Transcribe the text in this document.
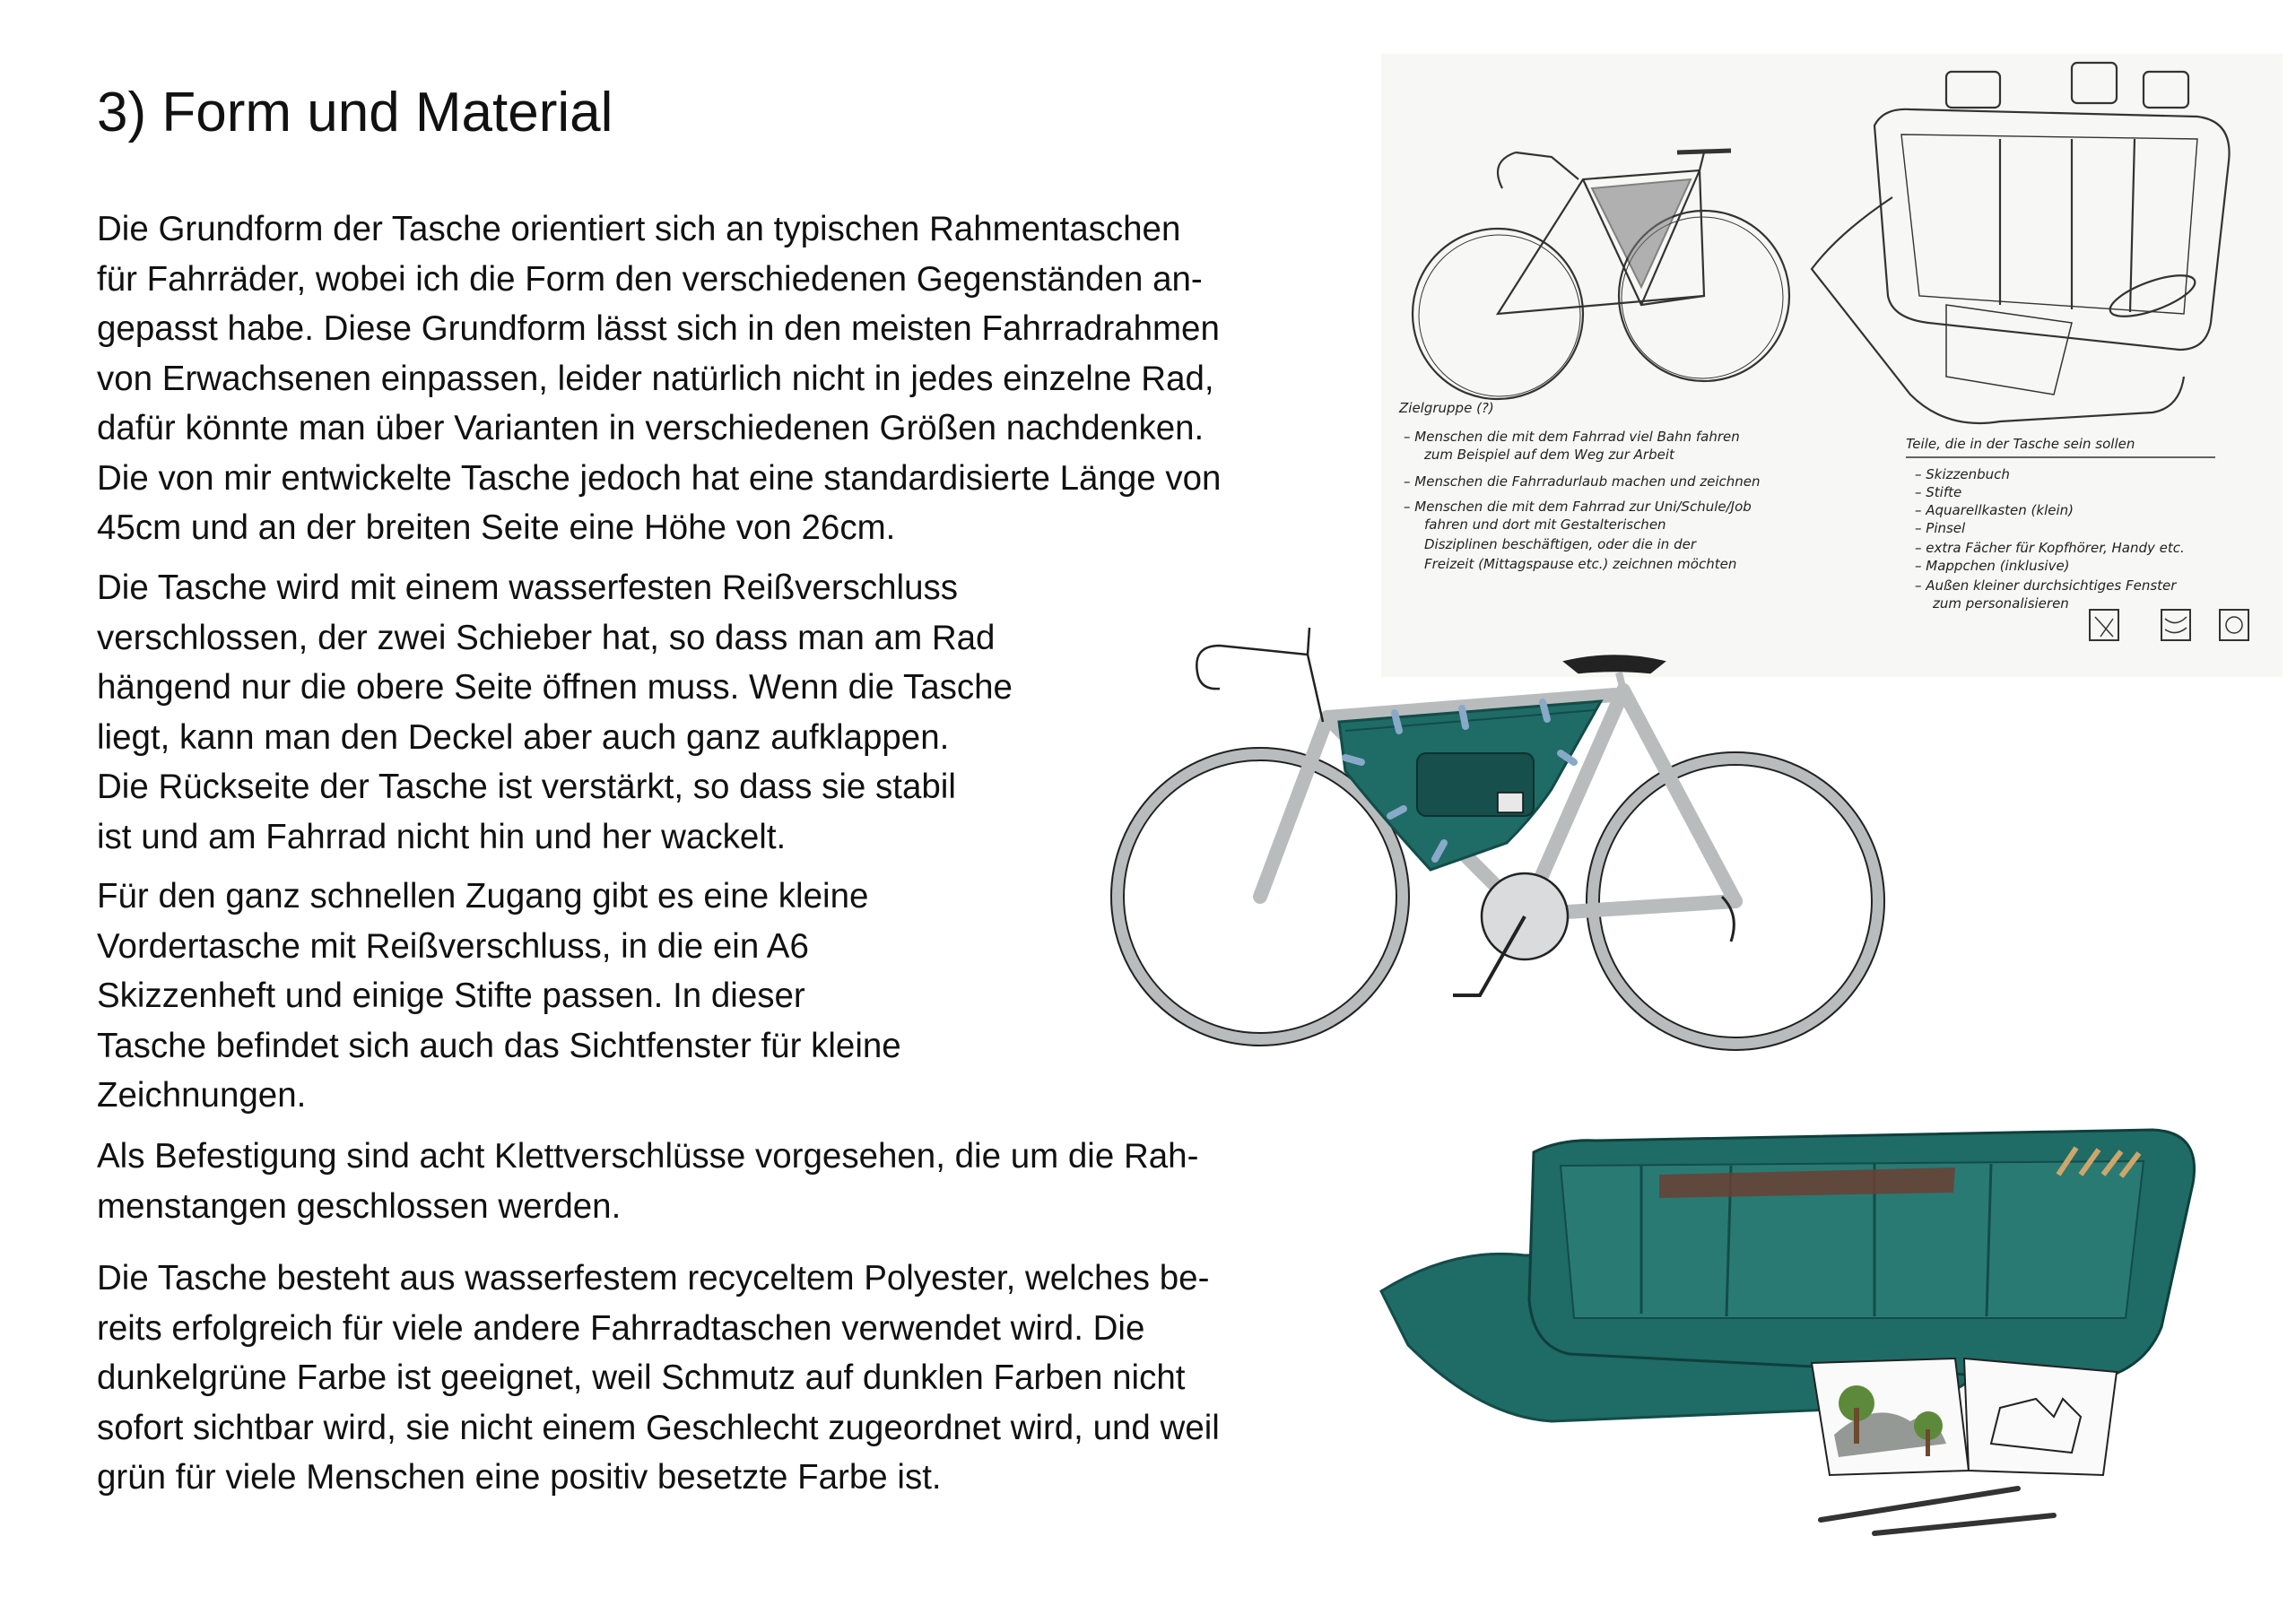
3) Form und Material
Die Grundform der Tasche orientiert sich an typischen Rahmentaschen
für Fahrräder, wobei ich die Form den verschiedenen Gegenständen an-
gepasst habe. Diese Grundform lässt sich in den meisten Fahrradrahmen
von Erwachsenen einpassen, leider natürlich nicht in jedes einzelne Rad,
dafür könnte man über Varianten in verschiedenen Größen nachdenken.
Die von mir entwickelte Tasche jedoch hat eine standardisierte Länge von
45cm und an der breiten Seite eine Höhe von 26cm.
Die Tasche wird mit einem wasserfesten Reißverschluss
verschlossen, der zwei Schieber hat, so dass man am Rad
hängend nur die obere Seite öffnen muss. Wenn die Tasche
liegt, kann man den Deckel aber auch ganz aufklappen.
Die Rückseite der Tasche ist verstärkt, so dass sie stabil
ist und am Fahrrad nicht hin und her wackelt.
Für den ganz schnellen Zugang gibt es eine kleine
Vordertasche mit Reißverschluss, in die ein A6
Skizzenheft und einige Stifte passen. In dieser
Tasche befindet sich auch das Sichtfenster für kleine
Zeichnungen.
Als Befestigung sind acht Klettverschlüsse vorgesehen, die um die Rah-
menstangen geschlossen werden.
Die Tasche besteht aus wasserfestem recyceltem Polyester, welches be-
reits erfolgreich für viele andere Fahrradtaschen verwendet wird. Die
dunkelgrüne Farbe ist geeignet, weil Schmutz auf dunklen Farben nicht
sofort sichtbar wird, sie nicht einem Geschlecht zugeordnet wird, und weil
grün für viele Menschen eine positiv besetzte Farbe ist.
Zielgruppe (?)
– Menschen die mit dem Fahrrad viel Bahn fahren
zum Beispiel auf dem Weg zur Arbeit
– Menschen die Fahrradurlaub machen und zeichnen
– Menschen die mit dem Fahrrad zur Uni/Schule/Job
fahren und dort mit Gestalterischen
Disziplinen beschäftigen, oder die in der
Freizeit (Mittagspause etc.) zeichnen möchten
Teile, die in der Tasche sein sollen
– Skizzenbuch
– Stifte
– Aquarellkasten (klein)
– Pinsel
– extra Fächer für Kopfhörer, Handy etc.
– Mappchen (inklusive)
– Außen kleiner durchsichtiges Fenster
zum personalisieren
